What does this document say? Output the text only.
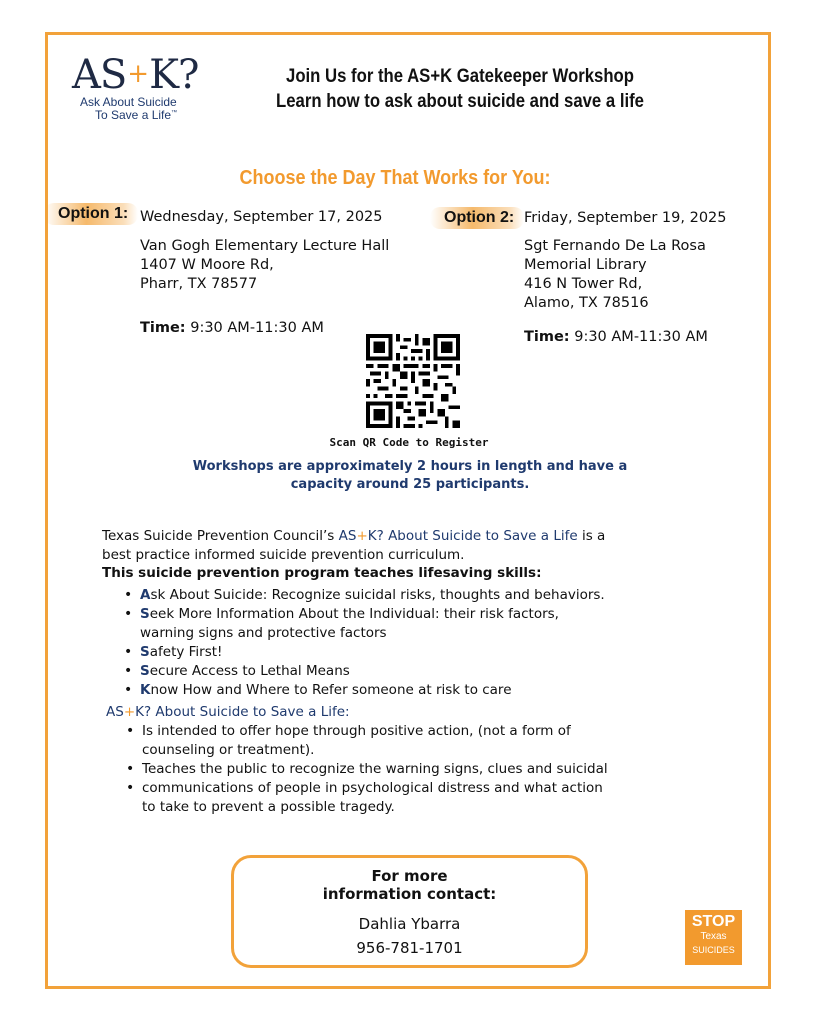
AS+K?
Ask About Suicide
To Save a Life™
Join Us for the AS+K Gatekeeper Workshop
Learn how to ask about suicide and save a life
Choose the Day That Works for You:
Option 1: Wednesday, September 17, 2025
Van Gogh Elementary Lecture Hall
1407 W Moore Rd,
Pharr, TX 78577
Time: 9:30 AM-11:30 AM
Option 2: Friday, September 19, 2025
Sgt Fernando De La Rosa
Memorial Library
416 N Tower Rd,
Alamo, TX 78516
Time: 9:30 AM-11:30 AM
Scan QR Code to Register
Workshops are approximately 2 hours in length and have a
capacity around 25 participants.
Texas Suicide Prevention Council’s AS+K? About Suicide to Save a Life is a
best practice informed suicide prevention curriculum.
This suicide prevention program teaches lifesaving skills:
• Ask About Suicide: Recognize suicidal risks, thoughts and behaviors.
• Seek More Information About the Individual: their risk factors,
warning signs and protective factors
• Safety First!
• Secure Access to Lethal Means
• Know How and Where to Refer someone at risk to care
AS+K? About Suicide to Save a Life:
• Is intended to offer hope through positive action, (not a form of
counseling or treatment).
• Teaches the public to recognize the warning signs, clues and suicidal
• communications of people in psychological distress and what action
to take to prevent a possible tragedy.
For more
information contact:
Dahlia Ybarra
956-781-1701
STOP
Texas
SUICIDES
